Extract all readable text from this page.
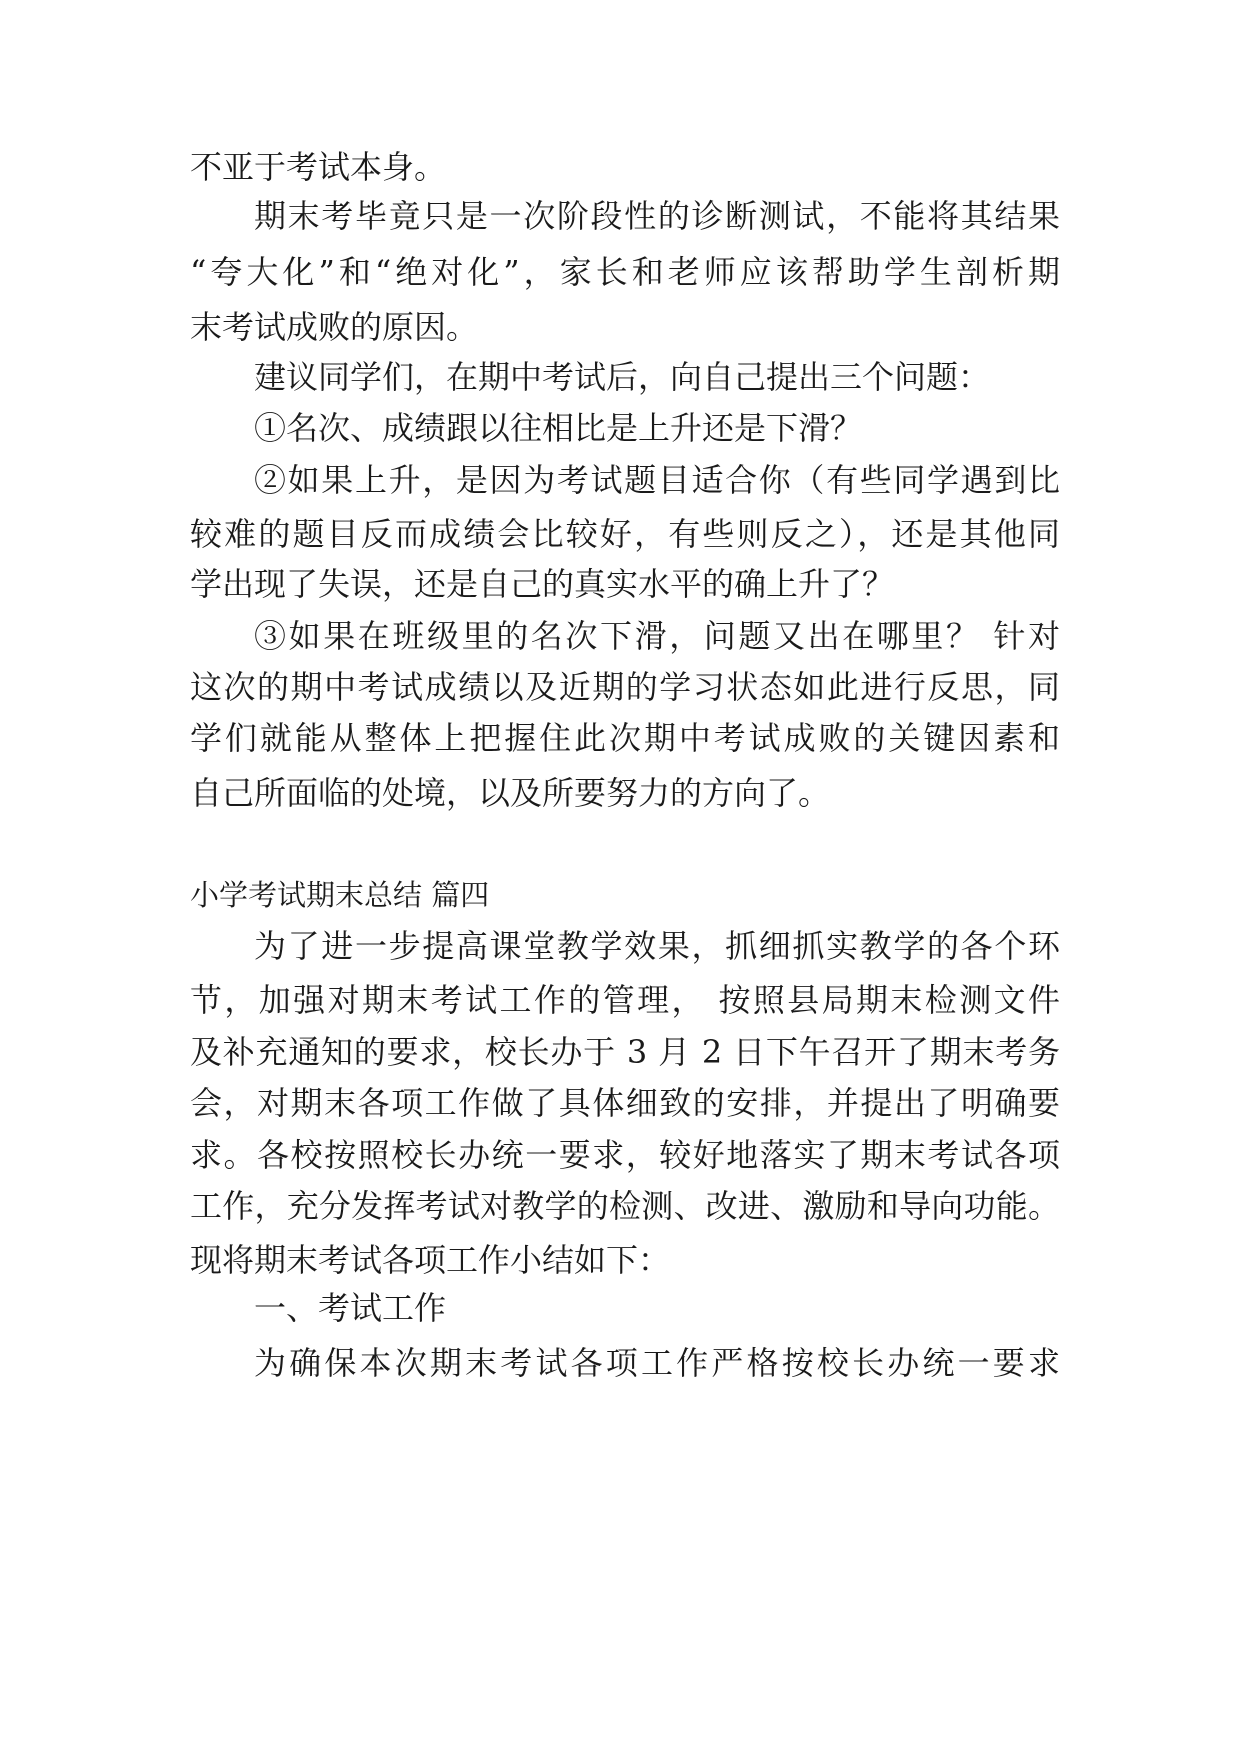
不亚于考试本身。
期末考毕竟只是一次阶段性的诊断测试，不能将其结果
“夸大化”和“绝对化”，家长和老师应该帮助学生剖析期
末考试成败的原因。
建议同学们，在期中考试后，向自己提出三个问题：
①名次、成绩跟以往相比是上升还是下滑？
②如果上升，是因为考试题目适合你（有些同学遇到比
较难的题目反而成绩会比较好，有些则反之），还是其他同
学出现了失误，还是自己的真实水平的确上升了？
③如果在班级里的名次下滑，问题又出在哪里？ 针对
这次的期中考试成绩以及近期的学习状态如此进行反思，同
学们就能从整体上把握住此次期中考试成败的关键因素和
自己所面临的处境，以及所要努力的方向了。
小学考试期末总结 篇四
为了进一步提高课堂教学效果，抓细抓实教学的各个环
节，加强对期末考试工作的管理， 按照县局期末检测文件
及补充通知的要求，校长办于 3 月 2 日下午召开了期末考务
会，对期末各项工作做了具体细致的安排，并提出了明确要
求。各校按照校长办统一要求，较好地落实了期末考试各项
工作，充分发挥考试对教学的检测、改进、激励和导向功能。
现将期末考试各项工作小结如下：
一、考试工作
为确保本次期末考试各项工作严格按校长办统一要求
